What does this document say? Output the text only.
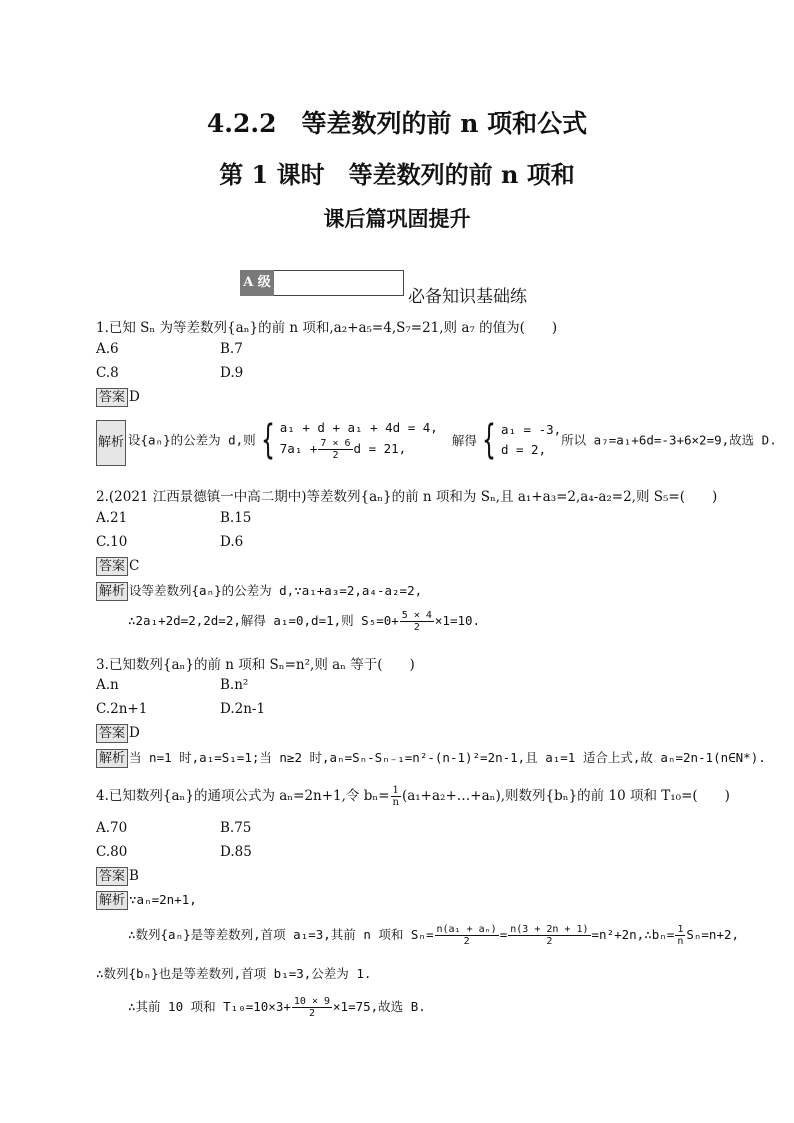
4.2.2　等差数列的前 n 项和公式
第 1 课时　等差数列的前 n 项和
课后篇巩固提升
A 级
必备知识基础练
1.已知 Sₙ 为等差数列{aₙ}的前 n 项和,a₂+a₅=4,S₇=21,则 a₇ 的值为(　　)
A.6	B.7
C.8	D.9
答案 D
解析 设{aₙ}的公差为 d,则 { a₁ + d + a₁ + 4d = 4,
$7a_1 + \frac{7 \times 6}{2}$ d = 21,
解得 { a₁ = -3,
d = 2,
所以 a₇=a₁+6d=-3+6×2=9,故选 D.
2.(2021 江西景德镇一中高二期中)等差数列{aₙ}的前 n 项和为 Sₙ,且 a₁+a₃=2,a₄-a₂=2,则 S₅=(　　)
A.21	B.15
C.10	D.6
答案 C
解析 设等差数列{aₙ}的公差为 d,∵a₁+a₃=2,a₄-a₂=2,
∴2a₁+2d=2,2d=2,解得 a₁=0,d=1,则 $S_5=0+ \frac{5 \times 4}{2} \times 1=10$.
3.已知数列{aₙ}的前 n 项和 Sₙ=n²,则 aₙ 等于(　　)
A.n	B.n²
C.2n+1	D.2n-1
答案 D
解析 当 n=1 时,a₁=S₁=1;当 n≥2 时,aₙ=Sₙ-Sₙ₋₁=n²-(n-1)²=2n-1,且 a₁=1 适合上式,故 aₙ=2n-1(n∈N*).
4.已知数列{aₙ}的通项公式为 aₙ=2n+1,令 $b_n= \frac{1}{n}$ (a₁+a₂+…+aₙ),则数列{bₙ}的前 10 项和 T₁₀=(　　)
A.70	B.75
C.80	D.85
答案 B
解析 ∵aₙ=2n+1,
∴数列{aₙ}是等差数列,首项 a₁=3,其前 n 项和 $S_n= \frac{\text{n(a₁ + aₙ)}}{2} = \frac{n(3 + 2n + 1)}{2}$ =n²+2n,∴bₙ= $\frac{1}{n} S_n=n+2$,
∴数列{bₙ}也是等差数列,首项 b₁=3,公差为 1.
∴其前 10 项和 $T_{10}=10\times 3+ \frac{10 \times 9}{2} \times 1=75$,故选 B.
